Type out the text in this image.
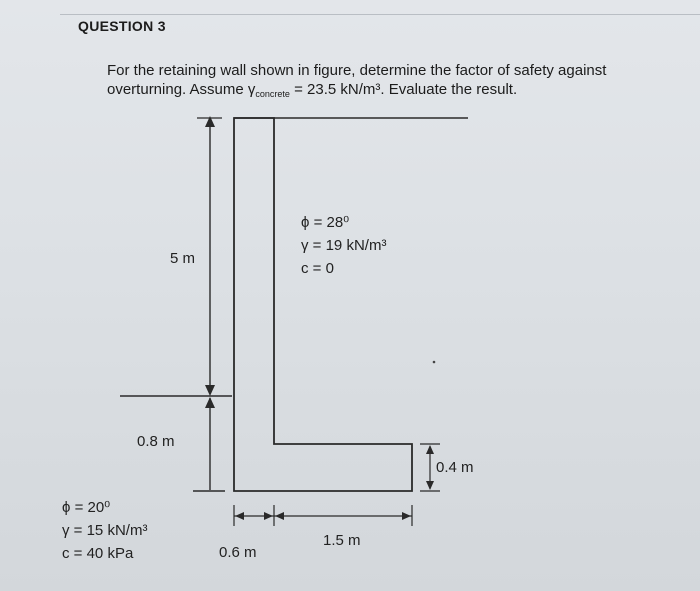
QUESTION 3

For the retaining wall shown in figure, determine the factor of safety against overturning. Assume $\gamma_{concrete} = 23.5$ kN/m³. Evaluate the result.

5 m
0.8 m
0.4 m
0.6 m
1.5 m
ϕ = 28⁰
γ = 19 kN/m³
c = 0
ϕ = 20⁰
γ = 15 kN/m³
c = 40 kPa
